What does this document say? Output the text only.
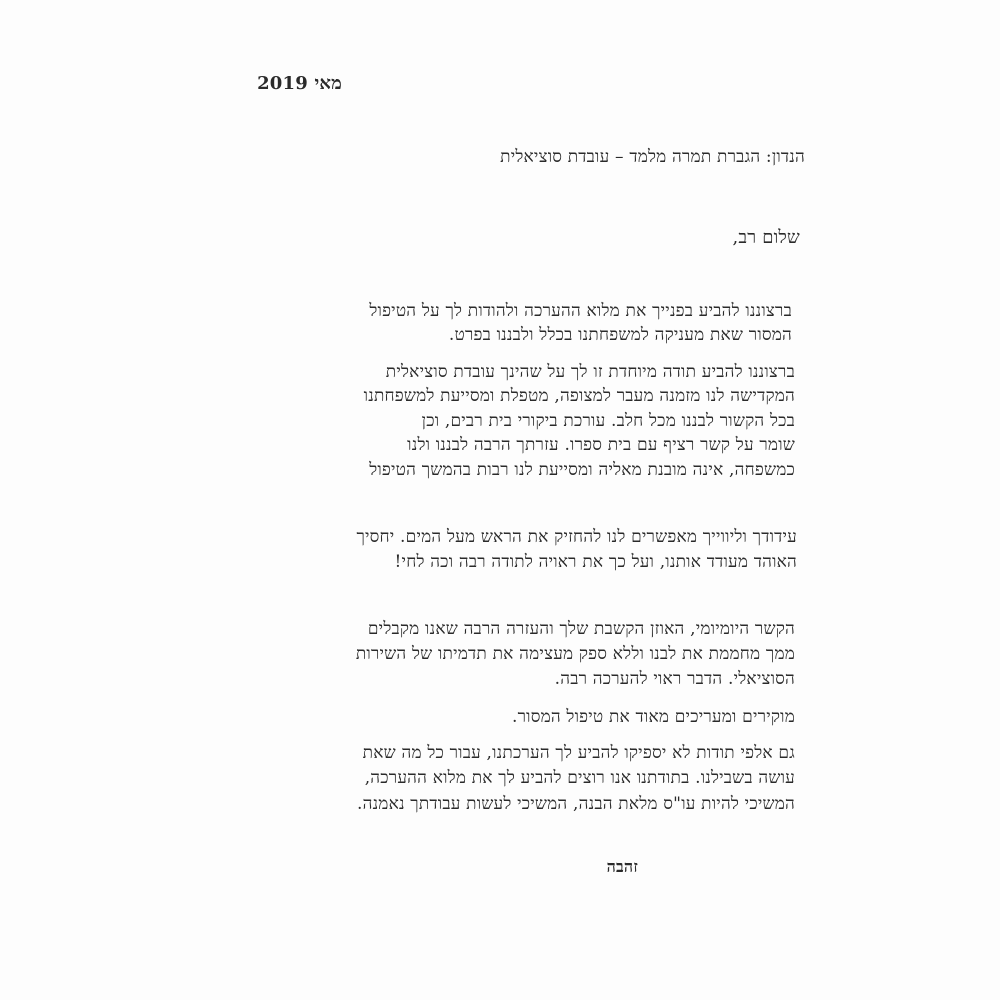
מאי 2019
הנדון: הגברת תמרה מלמד – עובדת סוציאלית
שלום רב,
ברצוננו להביע בפנייך את מלוא ההערכה ולהודות לך על הטיפול
המסור שאת מעניקה למשפחתנו בכלל ולבננו בפרט.
ברצוננו להביע תודה מיוחדת זו לך על שהינך עובדת סוציאלית
המקדישה לנו מזמנה מעבר למצופה, מטפלת ומסייעת למשפחתנו
בכל הקשור לבננו מכל חלב. עורכת ביקורי בית רבים, וכן
שומר על קשר רציף עם בית ספרו. עזרתך הרבה לבננו ולנו
כמשפחה, אינה מובנת מאליה ומסייעת לנו רבות בהמשך הטיפול
עידודך וליווייך מאפשרים לנו להחזיק את הראש מעל המים. יחסיך
האוהד מעודד אותנו, ועל כך את ראויה לתודה רבה וכה לחי!
הקשר היומיומי, האוזן הקשבת שלך והעזרה הרבה שאנו מקבלים
ממך מחממת את לבנו וללא ספק מעצימה את תדמיתו של השירות
הסוציאלי. הדבר ראוי להערכה רבה.
מוקירים ומעריכים מאוד את טיפול המסור.
גם אלפי תודות לא יספיקו להביע לך הערכתנו, עבור כל מה שאת
עושה בשבילנו. בתודתנו אנו רוצים להביע לך את מלוא ההערכה,
המשיכי להיות עו"ס מלאת הבנה, המשיכי לעשות עבודתך נאמנה.
זהבה
